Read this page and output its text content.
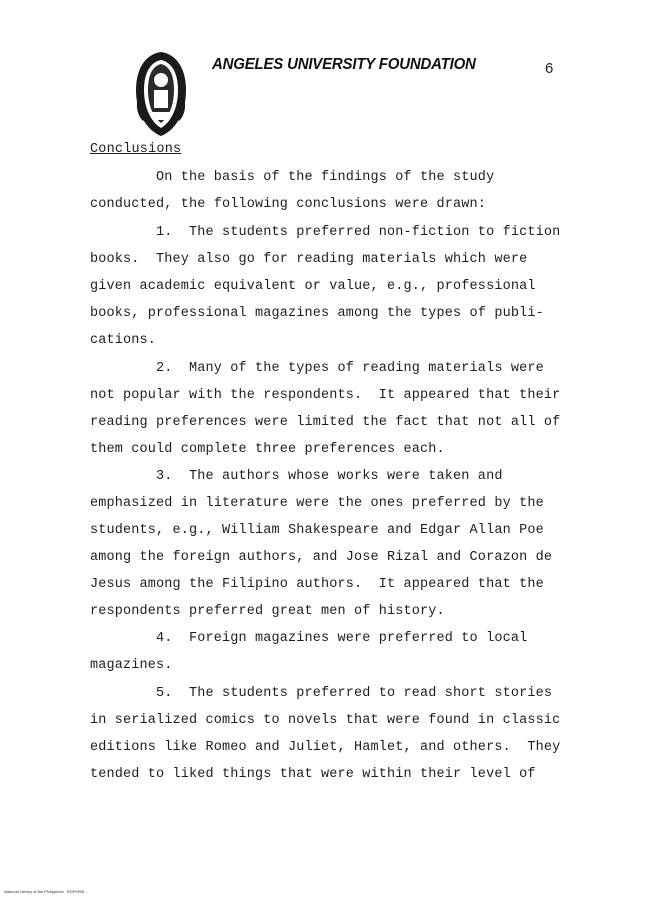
ANGELES UNIVERSITY FOUNDATION	6
Conclusions
On the basis of the findings of the study
conducted, the following conclusions were drawn:
1.  The students preferred non-fiction to fiction
books.  They also go for reading materials which were
given academic equivalent or value, e.g., professional
books, professional magazines among the types of publi-
cations.
2.  Many of the types of reading materials were
not popular with the respondents.  It appeared that their
reading preferences were limited the fact that not all of
them could complete three preferences each.
3.  The authors whose works were taken and
emphasized in literature were the ones preferred by the
students, e.g., William Shakespeare and Edgar Allan Poe
among the foreign authors, and Jose Rizal and Corazon de
Jesus among the Filipino authors.  It appeared that the
respondents preferred great men of history.
4.  Foreign magazines were preferred to local
magazines.
5.  The students preferred to read short stories
in serialized comics to novels that were found in classic
editions like Romeo and Juliet, Hamlet, and others.  They
tended to liked things that were within their level of
National Library of the Philippines   RDP0999...
